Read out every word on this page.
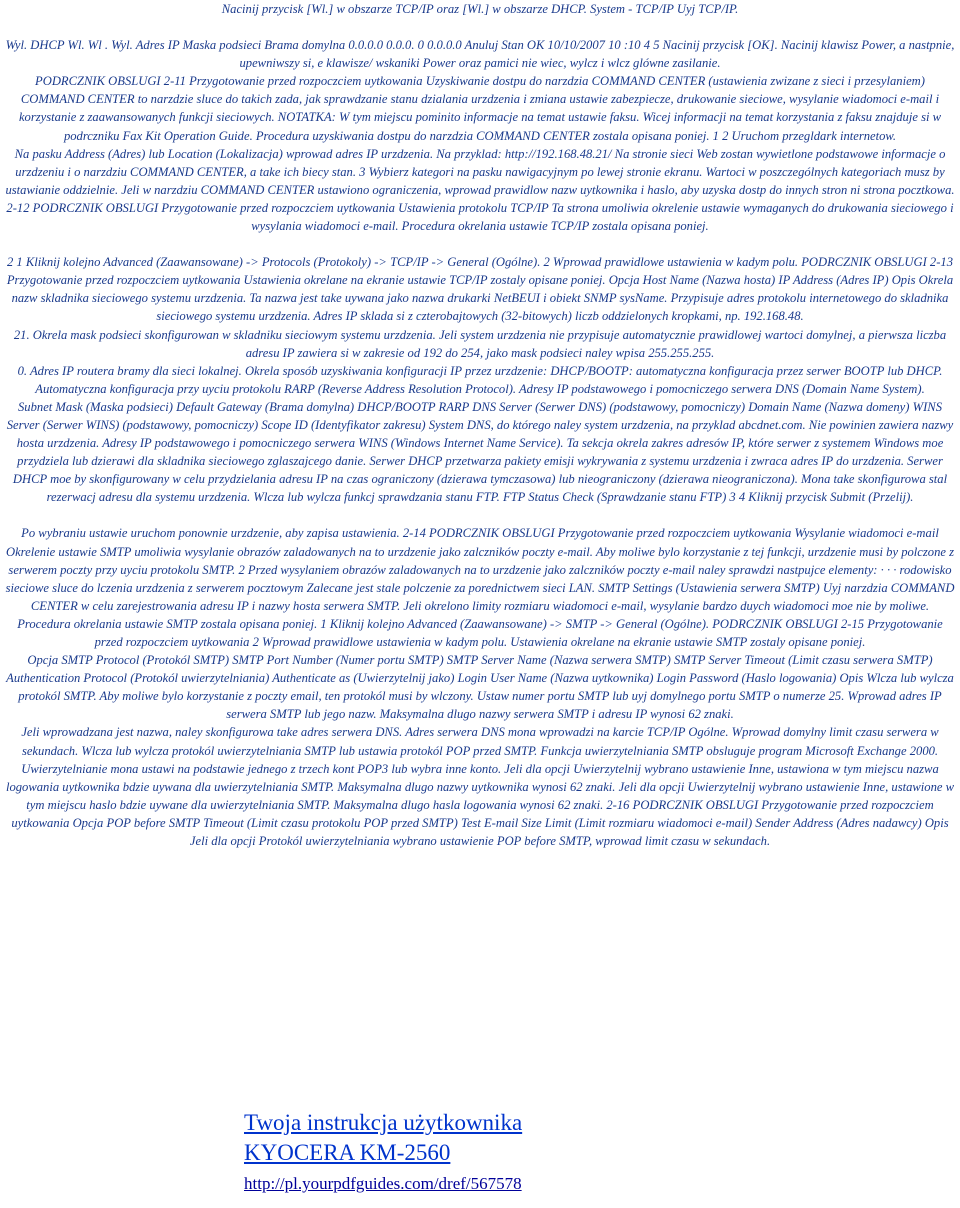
Nacinij przycisk [Wl.] w obszarze TCP/IP oraz [Wl.] w obszarze DHCP. System - TCP/IP Uyj TCP/IP.

Wyl. DHCP Wl. Wl . Wyl. Adres IP Maska podsieci Brama domylna 0.0.0.0 0.0.0. 0 0.0.0.0 Anuluj Stan OK 10/10/2007 10 :10 4 5 Nacinij przycisk [OK]. Nacinij klawisz Power, a nastpnie, upewniwszy si, e klawisze/ wskaniki Power oraz pamici nie wiec, wylcz i wlcz glówne zasilanie.

PODRCZNIK OBSLUGI 2-11 Przygotowanie przed rozpoczciem uytkowania Uzyskiwanie dostpu do narzdzia COMMAND CENTER (ustawienia zwizane z sieci i przesylaniem) COMMAND CENTER to narzdzie sluce do takich zada, jak sprawdzanie stanu dzialania urzdzenia i zmiana ustawie zabezpiecze, drukowanie sieciowe, wysylanie wiadomoci e-mail i korzystanie z zaawansowanych funkcji sieciowych. NOTATKA: W tym miejscu pominito informacje na temat ustawie faksu. Wicej informacji na temat korzystania z faksu znajduje si w podrczniku Fax Kit Operation Guide. Procedura uzyskiwania dostpu do narzdzia COMMAND CENTER zostala opisana poniej. 1 2 Uruchom przegldark internetow.

Na pasku Address (Adres) lub Location (Lokalizacja) wprowad adres IP urzdzenia. Na przyklad: http://192.168.48.21/ Na stronie sieci Web zostan wywietlone podstawowe informacje o urzdzeniu i o narzdziu COMMAND CENTER, a take ich biecy stan. 3 Wybierz kategori na pasku nawigacyjnym po lewej stronie ekranu. Wartoci w poszczególnych kategoriach musz by ustawianie oddzielnie. Jeli w narzdziu COMMAND CENTER ustawiono ograniczenia, wprowad prawidlow nazw uytkownika i haslo, aby uzyska dostp do innych stron ni strona pocztkowa. 2-12 PODRCZNIK OBSLUGI Przygotowanie przed rozpoczciem uytkowania Ustawienia protokolu TCP/IP Ta strona umoliwia okrelenie ustawie wymaganych do drukowania sieciowego i wysylania wiadomoci e-mail. Procedura okrelania ustawie TCP/IP zostala opisana poniej.

2 1 Kliknij kolejno Advanced (Zaawansowane) -> Protocols (Protokoly) -> TCP/IP -> General (Ogólne). 2 Wprowad prawidlowe ustawienia w kadym polu. PODRCZNIK OBSLUGI 2-13 Przygotowanie przed rozpoczciem uytkowania Ustawienia okrelane na ekranie ustawie TCP/IP zostaly opisane poniej. Opcja Host Name (Nazwa hosta) IP Address (Adres IP) Opis Okrela nazw skladnika sieciowego systemu urzdzenia. Ta nazwa jest take uywana jako nazwa drukarki NetBEUI i obiekt SNMP sysName. Przypisuje adres protokolu internetowego do skladnika sieciowego systemu urzdzenia. Adres IP sklada si z czterobajtowych (32-bitowych) liczb oddzielonych kropkami, np. 192.168.48.

21. Okrela mask podsieci skonfigurowan w skladniku sieciowym systemu urzdzenia. Jeli system urzdzenia nie przypisuje automatycznie prawidlowej wartoci domylnej, a pierwsza liczba adresu IP zawiera si w zakresie od 192 do 254, jako mask podsieci naley wpisa 255.255.255.

0. Adres IP routera bramy dla sieci lokalnej. Okrela sposób uzyskiwania konfiguracji IP przez urzdzenie: DHCP/BOOTP: automatyczna konfiguracja przez serwer BOOTP lub DHCP. Automatyczna konfiguracja przy uyciu protokolu RARP (Reverse Address Resolution Protocol). Adresy IP podstawowego i pomocniczego serwera DNS (Domain Name System).

Subnet Mask (Maska podsieci) Default Gateway (Brama domylna) DHCP/BOOTP RARP DNS Server (Serwer DNS) (podstawowy, pomocniczy) Domain Name (Nazwa domeny) WINS Server (Serwer WINS) (podstawowy, pomocniczy) Scope ID (Identyfikator zakresu) System DNS, do którego naley system urzdzenia, na przyklad abcdnet.com. Nie powinien zawiera nazwy hosta urzdzenia. Adresy IP podstawowego i pomocniczego serwera WINS (Windows Internet Name Service). Ta sekcja okrela zakres adresów IP, które serwer z systemem Windows moe przydziela lub dzierawi dla skladnika sieciowego zglaszajcego danie. Serwer DHCP przetwarza pakiety emisji wykrywania z systemu urzdzenia i zwraca adres IP do urzdzenia. Serwer DHCP moe by skonfigurowany w celu przydzielania adresu IP na czas ograniczony (dzierawa tymczasowa) lub nieograniczony (dzierawa nieograniczona). Mona take skonfigurowa stal rezerwacj adresu dla systemu urzdzenia. Wlcza lub wylcza funkcj sprawdzania stanu FTP. FTP Status Check (Sprawdzanie stanu FTP) 3 4 Kliknij przycisk Submit (Przelij).

Po wybraniu ustawie uruchom ponownie urzdzenie, aby zapisa ustawienia. 2-14 PODRCZNIK OBSLUGI Przygotowanie przed rozpoczciem uytkowania Wysylanie wiadomoci e-mail Okrelenie ustawie SMTP umoliwia wysylanie obrazów zaladowanych na to urzdzenie jako zalczników poczty e-mail. Aby moliwe bylo korzystanie z tej funkcji, urzdzenie musi by polczone z serwerem poczty przy uyciu protokolu SMTP. 2 Przed wysylaniem obrazów zaladowanych na to urzdzenie jako zalczników poczty e-mail naley sprawdzi nastpujce elementy: · · · rodowisko sieciowe sluce do lczenia urzdzenia z serwerem pocztowym Zalecane jest stale polczenie za porednictwem sieci LAN. SMTP Settings (Ustawienia serwera SMTP) Uyj narzdzia COMMAND CENTER w celu zarejestrowania adresu IP i nazwy hosta serwera SMTP. Jeli okrelono limity rozmiaru wiadomoci e-mail, wysylanie bardzo duych wiadomoci moe nie by moliwe. Procedura okrelania ustawie SMTP zostala opisana poniej. 1 Kliknij kolejno Advanced (Zaawansowane) -> SMTP -> General (Ogólne). PODRCZNIK OBSLUGI 2-15 Przygotowanie przed rozpoczciem uytkowania 2 Wprowad prawidlowe ustawienia w kadym polu. Ustawienia okrelane na ekranie ustawie SMTP zostaly opisane poniej.

Opcja SMTP Protocol (Protokól SMTP) SMTP Port Number (Numer portu SMTP) SMTP Server Name (Nazwa serwera SMTP) SMTP Server Timeout (Limit czasu serwera SMTP) Authentication Protocol (Protokól uwierzytelniania) Authenticate as (Uwierzytelnij jako) Login User Name (Nazwa uytkownika) Login Password (Haslo logowania) Opis Wlcza lub wylcza protokól SMTP. Aby moliwe bylo korzystanie z poczty email, ten protokól musi by wlczony. Ustaw numer portu SMTP lub uyj domylnego portu SMTP o numerze 25. Wprowad adres IP serwera SMTP lub jego nazw. Maksymalna dlugo nazwy serwera SMTP i adresu IP wynosi 62 znaki.

Jeli wprowadzana jest nazwa, naley skonfigurowa take adres serwera DNS. Adres serwera DNS mona wprowadzi na karcie TCP/IP Ogólne. Wprowad domylny limit czasu serwera w sekundach. Wlcza lub wylcza protokól uwierzytelniania SMTP lub ustawia protokól POP przed SMTP. Funkcja uwierzytelniania SMTP obsluguje program Microsoft Exchange 2000.

Uwierzytelnianie mona ustawi na podstawie jednego z trzech kont POP3 lub wybra inne konto. Jeli dla opcji Uwierzytelnij wybrano ustawienie Inne, ustawiona w tym miejscu nazwa logowania uytkownika bdzie uywana dla uwierzytelniania SMTP. Maksymalna dlugo nazwy uytkownika wynosi 62 znaki. Jeli dla opcji Uwierzytelnij wybrano ustawienie Inne, ustawione w tym miejscu haslo bdzie uywane dla uwierzytelniania SMTP. Maksymalna dlugo hasla logowania wynosi 62 znaki. 2-16 PODRCZNIK OBSLUGI Przygotowanie przed rozpoczciem uytkowania Opcja POP before SMTP Timeout (Limit czasu protokolu POP przed SMTP) Test E-mail Size Limit (Limit rozmiaru wiadomoci e-mail) Sender Address (Adres nadawcy) Opis Jeli dla opcji Protokól uwierzytelniania wybrano ustawienie POP before SMTP, wprowad limit czasu w sekundach.

Twoja instrukcja użytkownika
KYOCERA KM-2560
http://pl.yourpdfguides.com/dref/567578
